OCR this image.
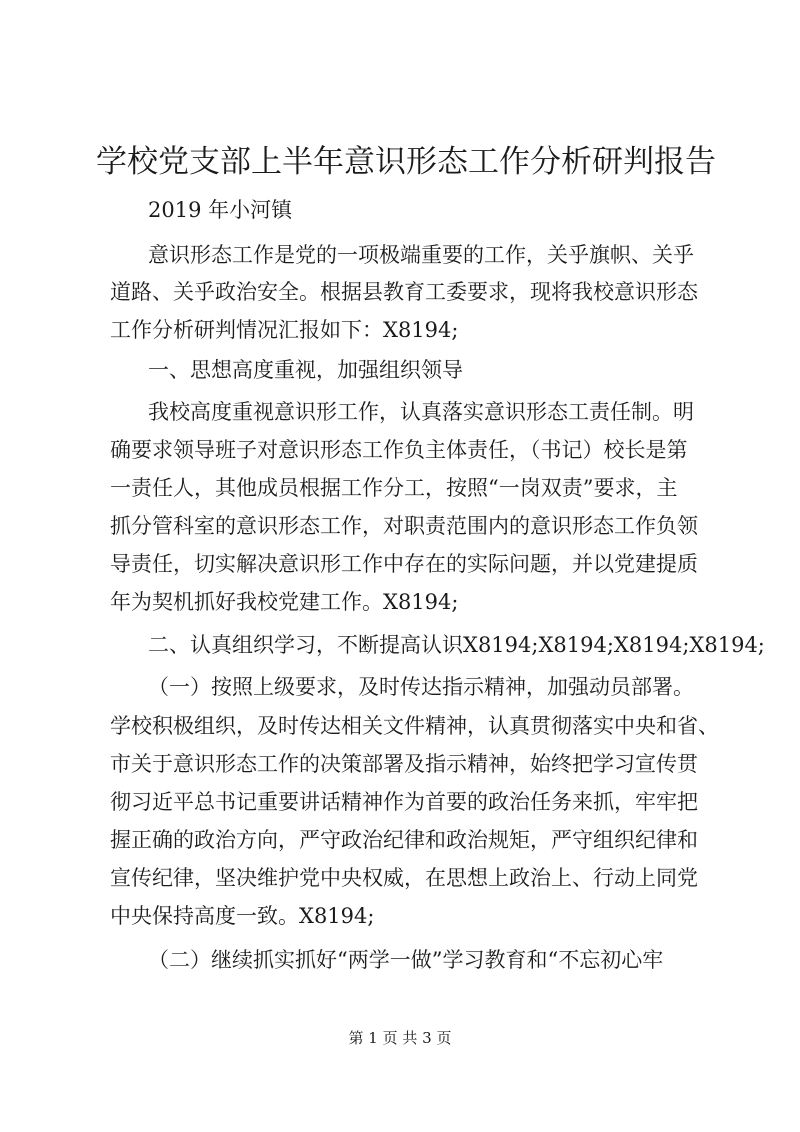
学校党支部上半年意识形态工作分析研判报告
2019 年小河镇
意识形态工作是党的一项极端重要的工作，关乎旗帜、关乎
道路、关乎政治安全。根据县教育工委要求，现将我校意识形态
工作分析研判情况汇报如下：X8194;
一、思想高度重视，加强组织领导
我校高度重视意识形工作，认真落实意识形态工责任制。明
确要求领导班子对意识形态工作负主体责任，（书记）校长是第
一责任人，其他成员根据工作分工，按照“一岗双责”要求，主
抓分管科室的意识形态工作，对职责范围内的意识形态工作负领
导责任，切实解决意识形工作中存在的实际问题，并以党建提质
年为契机抓好我校党建工作。X8194;
二、认真组织学习，不断提高认识X8194;X8194;X8194;X8194;
（一）按照上级要求，及时传达指示精神，加强动员部署。
学校积极组织，及时传达相关文件精神，认真贯彻落实中央和省、
市关于意识形态工作的决策部署及指示精神，始终把学习宣传贯
彻习近平总书记重要讲话精神作为首要的政治任务来抓，牢牢把
握正确的政治方向，严守政治纪律和政治规矩，严守组织纪律和
宣传纪律，坚决维护党中央权威，在思想上政治上、行动上同党
中央保持高度一致。X8194;
（二）继续抓实抓好“两学一做”学习教育和“不忘初心牢
第 1 页 共 3 页
